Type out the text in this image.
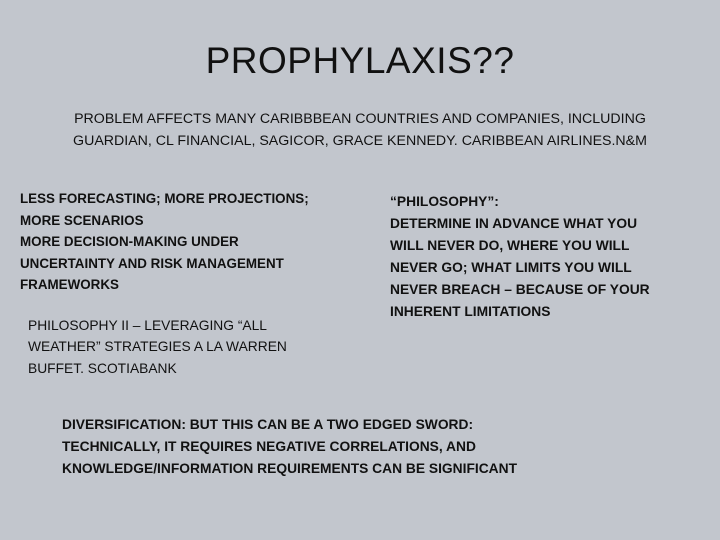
PROPHYLAXIS??

PROBLEM AFFECTS MANY CARIBBBEAN COUNTRIES AND COMPANIES, INCLUDING
GUARDIAN, CL FINANCIAL, SAGICOR, GRACE KENNEDY. CARIBBEAN AIRLINES.N&M

LESS FORECASTING; MORE PROJECTIONS;
MORE SCENARIOS
MORE DECISION-MAKING UNDER
UNCERTAINTY AND RISK MANAGEMENT
FRAMEWORKS

PHILOSOPHY II – LEVERAGING “ALL
WEATHER” STRATEGIES A LA WARREN
BUFFET. SCOTIABANK

“PHILOSOPHY”:
DETERMINE IN ADVANCE WHAT YOU
WILL NEVER DO, WHERE YOU WILL
NEVER GO; WHAT LIMITS YOU WILL
NEVER BREACH – BECAUSE OF YOUR
INHERENT LIMITATIONS

DIVERSIFICATION: BUT THIS CAN BE A TWO EDGED SWORD:
TECHNICALLY, IT REQUIRES NEGATIVE CORRELATIONS, AND
KNOWLEDGE/INFORMATION REQUIREMENTS CAN BE SIGNIFICANT
